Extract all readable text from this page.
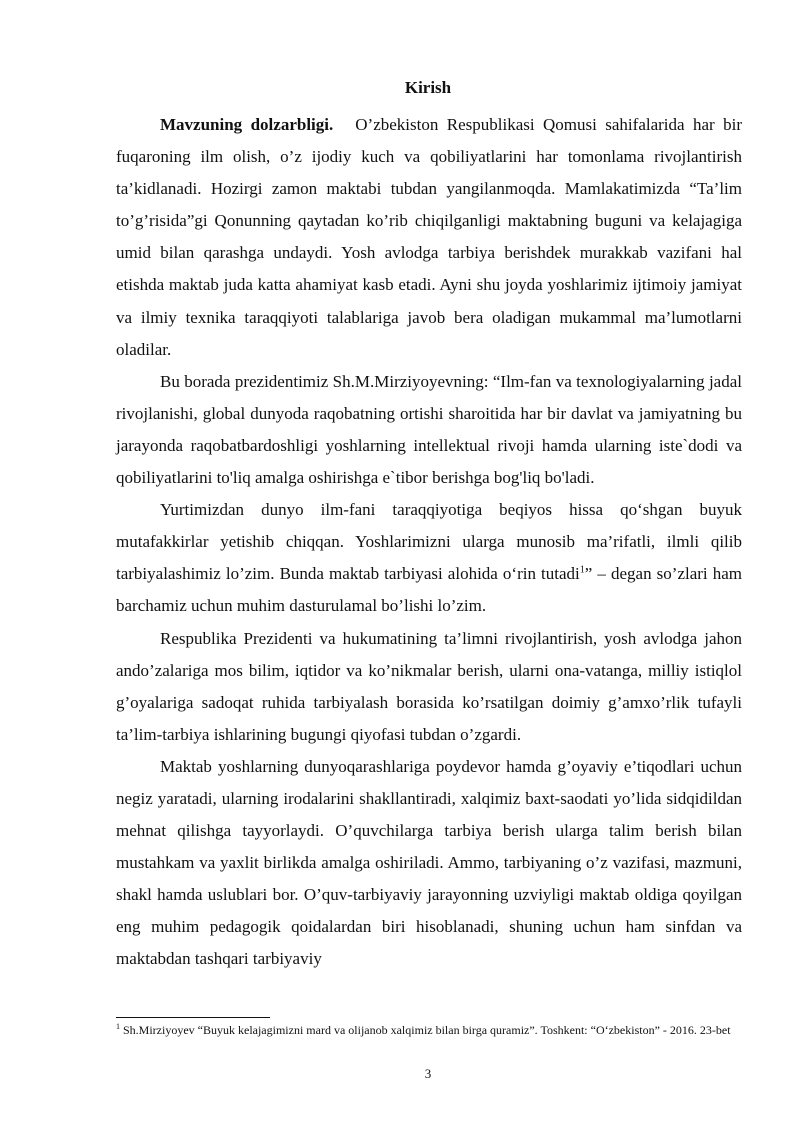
Kirish

Mavzuning dolzarbligi. O’zbekiston Respublikasi Qomusi sahifalarida har bir fuqaroning ilm olish, o’z ijodiy kuch va qobiliyatlarini har tomonlama rivojlantirish ta’kidlanadi. Hozirgi zamon maktabi tubdan yangilanmoqda. Mamlakatimizda “Ta’lim to’g’risida”gi Qonunning qaytadan ko’rib chiqilganligi maktabning buguni va kelajagiga umid bilan qarashga undaydi. Yosh avlodga tarbiya berishdek murakkab vazifani hal etishda maktab juda katta ahamiyat kasb etadi. Ayni shu joyda yoshlarimiz ijtimoiy jamiyat va ilmiy texnika taraqqiyoti talablariga javob bera oladigan mukammal ma’lumotlarni oladilar.

Bu borada prezidentimiz Sh.M.Mirziyoyevning: “Ilm-fan va texnologiyalarning jadal rivojlanishi, global dunyoda raqobatning ortishi sharoitida har bir davlat va jamiyatning bu jarayonda raqobatbardoshligi yoshlarning intellektual rivoji hamda ularning iste`dodi va qobiliyatlarini to'liq amalga oshirishga e`tibor berishga bog'liq bo'ladi.

Yurtimizdan dunyo ilm-fani taraqqiyotiga beqiyos hissa qo‘shgan buyuk mutafakkirlar yetishib chiqqan. Yoshlarimizni ularga munosib ma’rifatli, ilmli qilib tarbiyalashimiz lo’zim. Bunda maktab tarbiyasi alohida o‘rin tutadi$^1$” – degan so’zlari ham barchamiz uchun muhim dasturulamal bo’lishi lo’zim.

Respublika Prezidenti va hukumatining ta’limni rivojlantirish, yosh avlodga jahon ando’zalariga mos bilim, iqtidor va ko’nikmalar berish, ularni ona-vatanga, milliy istiqlol g’oyalariga sadoqat ruhida tarbiyalash borasida ko’rsatilgan doimiy g’amxo’rlik tufayli ta’lim-tarbiya ishlarining bugungi qiyofasi tubdan o’zgardi.

Maktab yoshlarning dunyoqarashlariga poydevor hamda g’oyaviy e’tiqodlari uchun negiz yaratadi, ularning irodalarini shakllantiradi, xalqimiz baxt-saodati yo’lida sidqidildan mehnat qilishga tayyorlaydi. O’quvchilarga tarbiya berish ularga talim berish bilan mustahkam va yaxlit birlikda amalga oshiriladi. Ammo, tarbiyaning o’z vazifasi, mazmuni, shakl hamda uslublari bor. O’quv-tarbiyaviy jarayonning uzviyligi maktab oldiga qoyilgan eng muhim pedagogik qoidalardan biri hisoblanadi, shuning uchun ham sinfdan va maktabdan tashqari tarbiyaviy

$^1$ Sh.Mirziyoyev “Buyuk kelajagimizni mard va olijanob xalqimiz bilan birga quramiz”. Toshkent: “O‘zbekiston” - 2016. 23-bet
3
